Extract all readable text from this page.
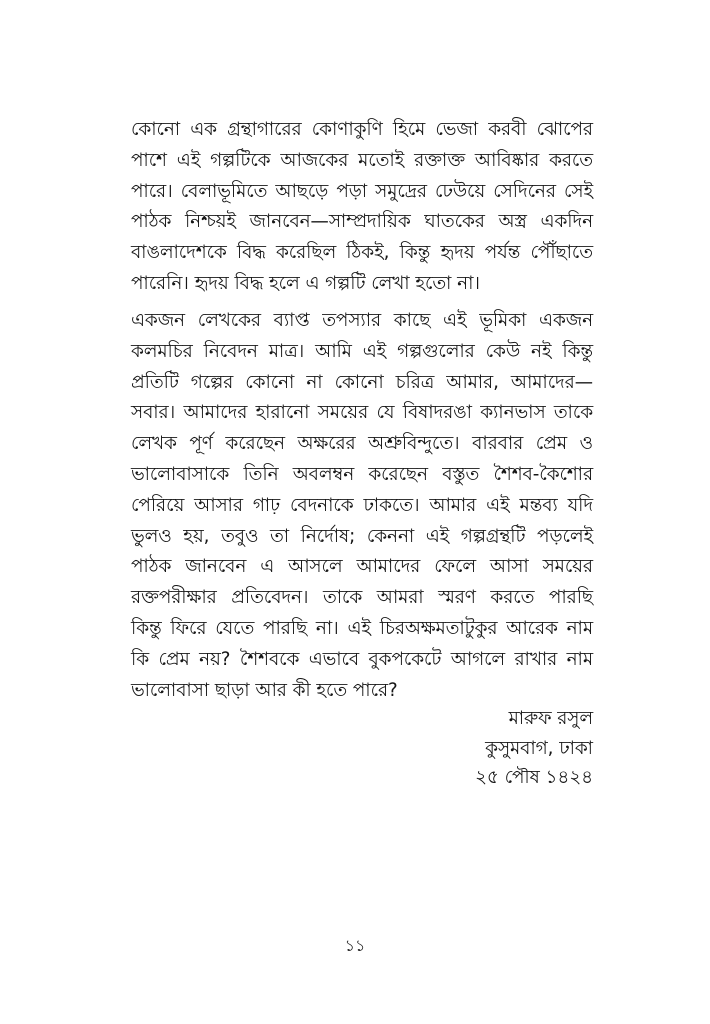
কোনো এক গ্রন্থাগারের কোণাকুণি হিমে ভেজা করবী ঝোপের
পাশে এই গল্পটিকে আজকের মতোই রক্তাক্ত আবিষ্কার করতে
পারে। বেলাভূমিতে আছড়ে পড়া সমুদ্রের ঢেউয়ে সেদিনের সেই
পাঠক নিশ্চয়ই জানবেন—সাম্প্রদায়িক ঘাতকের অস্ত্র একদিন
বাঙলাদেশকে বিদ্ধ করেছিল ঠিকই, কিন্তু হৃদয় পর্যন্ত পৌঁছাতে
পারেনি। হৃদয় বিদ্ধ হলে এ গল্পটি লেখা হতো না।
একজন লেখকের ব্যাপ্ত তপস্যার কাছে এই ভূমিকা একজন
কলমচির নিবেদন মাত্র। আমি এই গল্পগুলোর কেউ নই কিন্তু
প্রতিটি গল্পের কোনো না কোনো চরিত্র আমার, আমাদের—
সবার। আমাদের হারানো সময়ের যে বিষাদরঙা ক্যানভাস তাকে
লেখক পূর্ণ করেছেন অক্ষরের অশ্রুবিন্দুতে। বারবার প্রেম ও
ভালোবাসাকে তিনি অবলম্বন করেছেন বস্তুত শৈশব-কৈশোর
পেরিয়ে আসার গাঢ় বেদনাকে ঢাকতে। আমার এই মন্তব্য যদি
ভুলও হয়, তবুও তা নির্দোষ; কেননা এই গল্পগ্রন্থটি পড়লেই
পাঠক জানবেন এ আসলে আমাদের ফেলে আসা সময়ের
রক্তপরীক্ষার প্রতিবেদন। তাকে আমরা স্মরণ করতে পারছি
কিন্তু ফিরে যেতে পারছি না। এই চিরঅক্ষমতাটুকুর আরেক নাম
কি প্রেম নয়? শৈশবকে এভাবে বুকপকেটে আগলে রাখার নাম
ভালোবাসা ছাড়া আর কী হতে পারে?
মারুফ রসুল
কুসুমবাগ, ঢাকা
২৫ পৌষ ১৪২৪
১১
